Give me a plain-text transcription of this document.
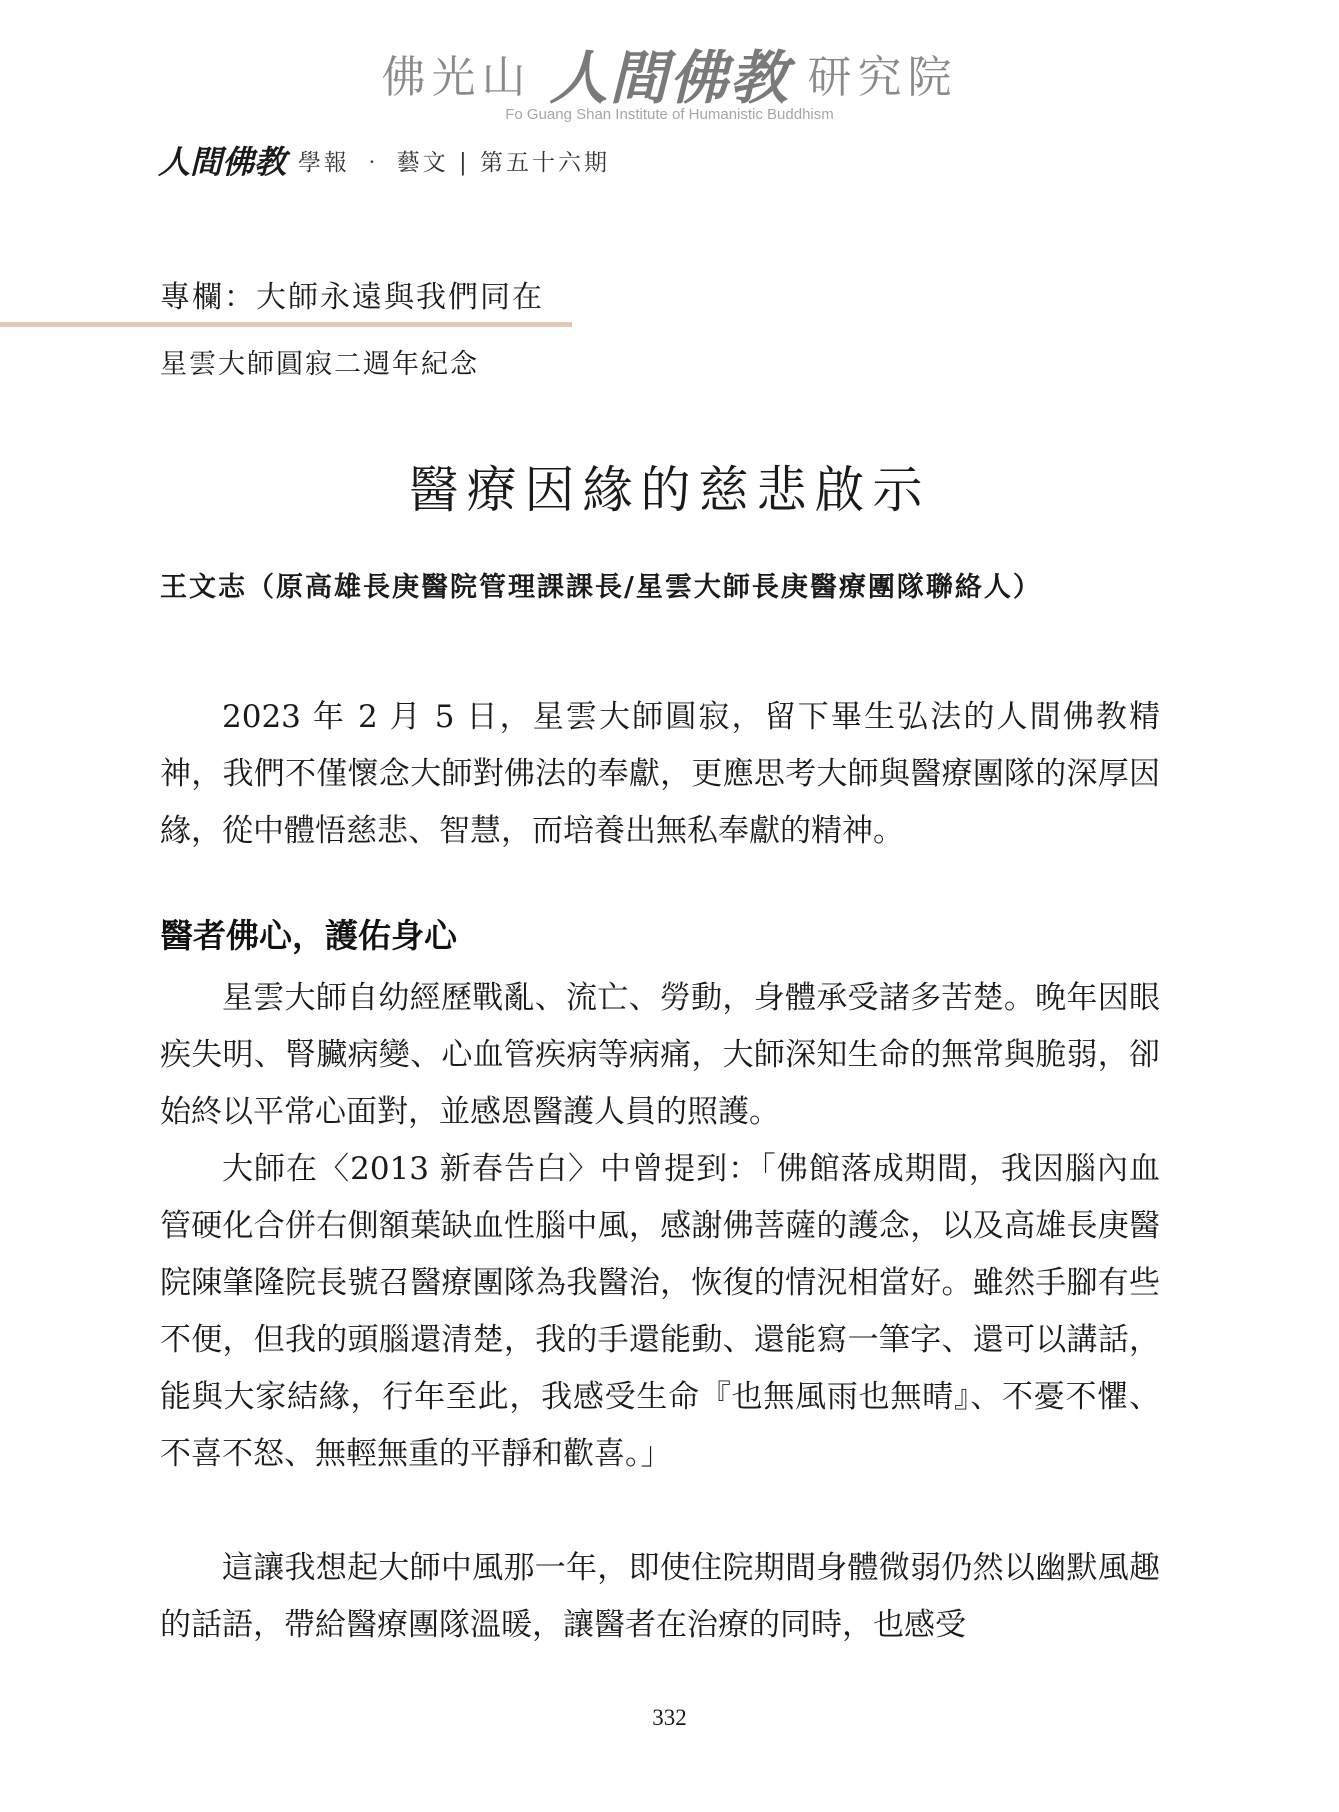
佛光山 人間佛教 研究院
Fo Guang Shan Institute of Humanistic Buddhism
人間佛教 學報 ‧ 藝文 | 第五十六期
專欄：大師永遠與我們同在
星雲大師圓寂二週年紀念
醫療因緣的慈悲啟示
王文志（原高雄長庚醫院管理課課長/星雲大師長庚醫療團隊聯絡人）

2023 年 2 月 5 日，星雲大師圓寂，留下畢生弘法的人間佛教精神，我們不僅懷念大師對佛法的奉獻，更應思考大師與醫療團隊的深厚因緣，從中體悟慈悲、智慧，而培養出無私奉獻的精神。

醫者佛心，護佑身心

星雲大師自幼經歷戰亂、流亡、勞動，身體承受諸多苦楚。晚年因眼疾失明、腎臟病變、心血管疾病等病痛，大師深知生命的無常與脆弱，卻始終以平常心面對，並感恩醫護人員的照護。

大師在〈2013 新春告白〉中曾提到：「佛館落成期間，我因腦內血管硬化合併右側額葉缺血性腦中風，感謝佛菩薩的護念，以及高雄長庚醫院陳肇隆院長號召醫療團隊為我醫治，恢復的情況相當好。雖然手腳有些不便，但我的頭腦還清楚，我的手還能動、還能寫一筆字、還可以講話，能與大家結緣，行年至此，我感受生命『也無風雨也無晴』、不憂不懼、不喜不怒、無輕無重的平靜和歡喜。」

這讓我想起大師中風那一年，即使住院期間身體微弱仍然以幽默風趣的話語，帶給醫療團隊溫暖，讓醫者在治療的同時，也感受

332
